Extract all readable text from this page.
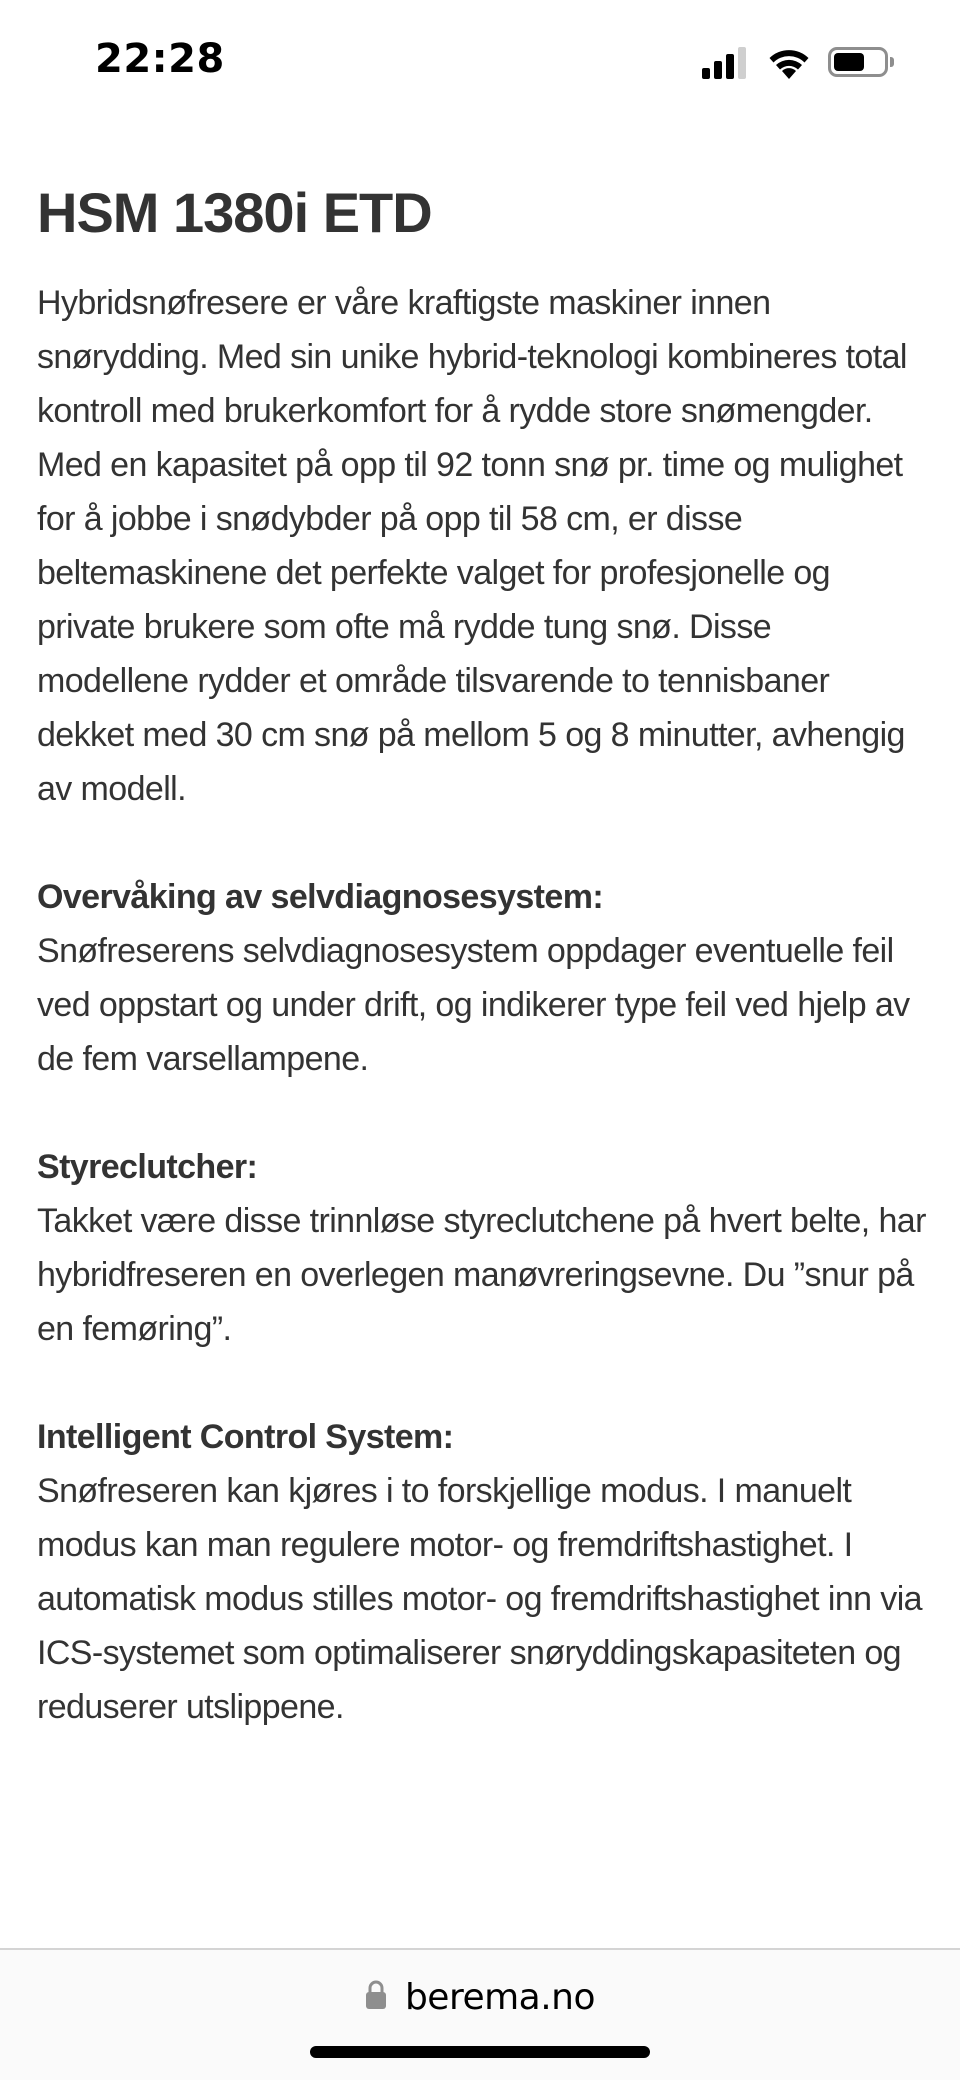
22:28
HSM 1380i ETD

Hybridsnøfresere er våre kraftigste maskiner innen snørydding. Med sin unike hybrid-teknologi kombineres total kontroll med brukerkomfort for å rydde store snømengder. Med en kapasitet på opp til 92 tonn snø pr. time og mulighet for å jobbe i snødybder på opp til 58 cm, er disse beltemaskinene det perfekte valget for profesjonelle og private brukere som ofte må rydde tung snø. Disse modellene rydder et område tilsvarende to tennisbaner dekket med 30 cm snø på mellom 5 og 8 minutter, avhengig av modell.

Overvåking av selvdiagnosesystem:
Snøfreserens selvdiagnosesystem oppdager eventuelle feil ved oppstart og under drift, og indikerer type feil ved hjelp av de fem varsellampene.
Styreclutcher:
Takket være disse trinnløse styreclutchene på hvert belte, har hybridfreseren en overlegen manøvreringsevne. Du ”snur på en femøring”.
Intelligent Control System:
Snøfreseren kan kjøres i to forskjellige modus. I manuelt modus kan man regulere motor- og fremdriftshastighet. I automatisk modus stilles motor- og fremdriftshastighet inn via ICS-systemet som optimaliserer snøryddingskapasiteten og reduserer utslippene.
berema.no
